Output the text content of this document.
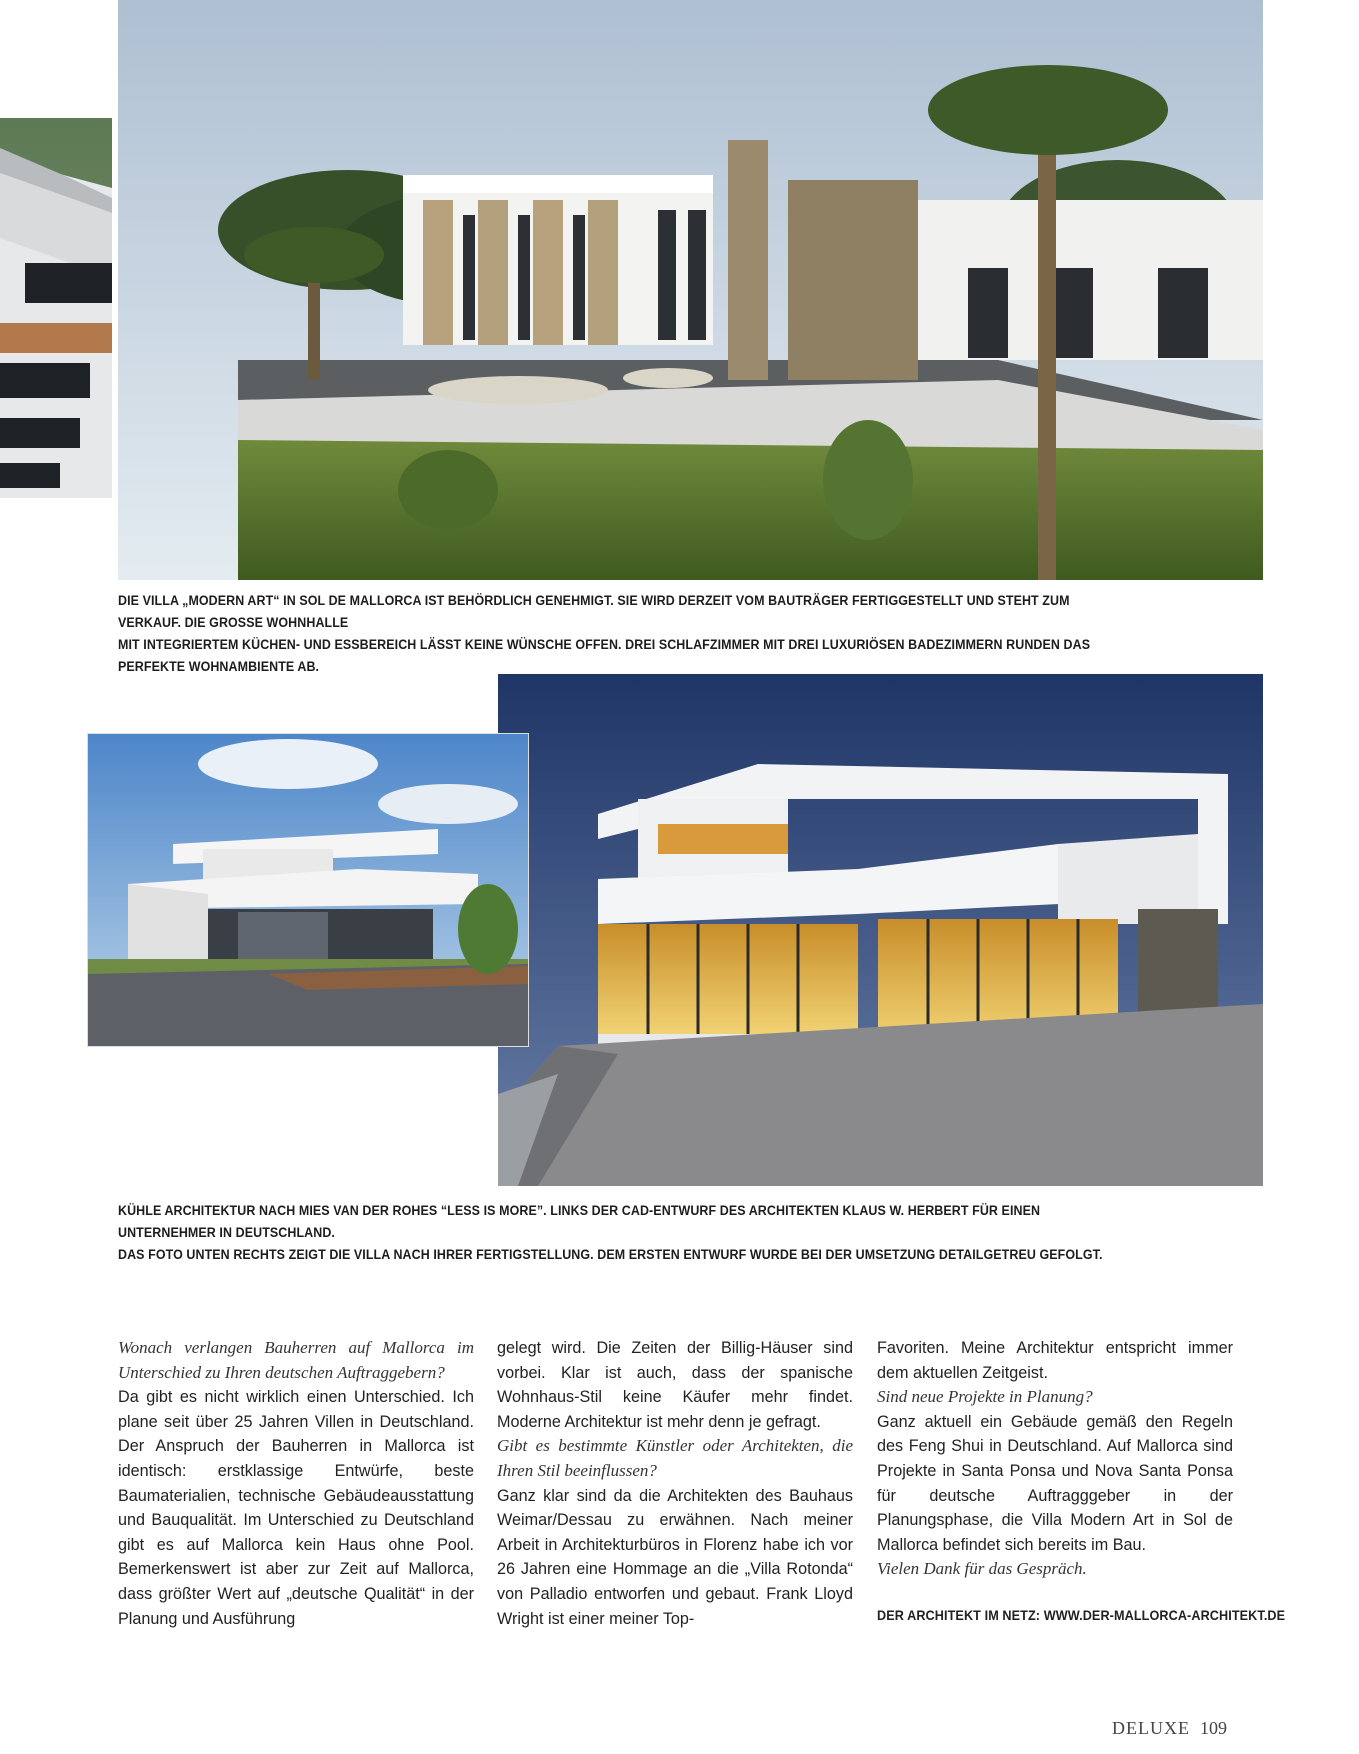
DIE VILLA „MODERN ART“ IN SOL DE MALLORCA IST BEHÖRDLICH GENEHMIGT. SIE WIRD DERZEIT VOM BAUTRÄGER FERTIGGESTELLT UND STEHT ZUM VERKAUF. DIE GROSSE WOHNHALLE
MIT INTEGRIERTEM KÜCHEN- UND ESSBEREICH LÄSST KEINE WÜNSCHE OFFEN. DREI SCHLAFZIMMER MIT DREI LUXURIÖSEN BADEZIMMERN RUNDEN DAS PERFEKTE WOHNAMBIENTE AB.
KÜHLE ARCHITEKTUR NACH MIES VAN DER ROHES “LESS IS MORE”. LINKS DER CAD-ENTWURF DES ARCHITEKTEN KLAUS W. HERBERT FÜR EINEN UNTERNEHMER IN DEUTSCHLAND.
DAS FOTO UNTEN RECHTS ZEIGT DIE VILLA NACH IHRER FERTIGSTELLUNG. DEM ERSTEN ENTWURF WURDE BEI DER UMSETZUNG DETAILGETREU GEFOLGT.
Wonach verlangen Bauherren auf Mallorca im Unterschied zu Ihren deutschen Auftraggebern?
Da gibt es nicht wirklich einen Unterschied. Ich plane seit über 25 Jahren Villen in Deutschland. Der Anspruch der Bauherren in Mallorca ist identisch: erstklassige Entwürfe, beste Baumaterialien, technische Gebäudeausstattung und Bauqualität. Im Unterschied zu Deutschland gibt es auf Mallorca kein Haus ohne Pool. Bemerkenswert ist aber zur Zeit auf Mallorca, dass größter Wert auf „deutsche Qualität“ in der Planung und Ausführung
gelegt wird. Die Zeiten der Billig-Häuser sind vorbei. Klar ist auch, dass der spanische Wohnhaus-Stil keine Käufer mehr findet. Moderne Architektur ist mehr denn je gefragt.
Gibt es bestimmte Künstler oder Architekten, die Ihren Stil beeinflussen?
Ganz klar sind da die Architekten des Bauhaus Weimar/Dessau zu erwähnen. Nach meiner Arbeit in Architekturbüros in Florenz habe ich vor 26 Jahren eine Hommage an die „Villa Rotonda“ von Palladio entworfen und gebaut. Frank Lloyd Wright ist einer meiner Top-
Favoriten. Meine Architektur entspricht immer dem aktuellen Zeitgeist.
Sind neue Projekte in Planung?
Ganz aktuell ein Gebäude gemäß den Regeln des Feng Shui in Deutschland. Auf Mallorca sind Projekte in Santa Ponsa und Nova Santa Ponsa für deutsche Auftragggeber in der Planungsphase, die Villa Modern Art in Sol de Mallorca befindet sich bereits im Bau.
Vielen Dank für das Gespräch.
DER ARCHITEKT IM NETZ: WWW.DER-MALLORCA-ARCHITEKT.DE
DELUXE 109
